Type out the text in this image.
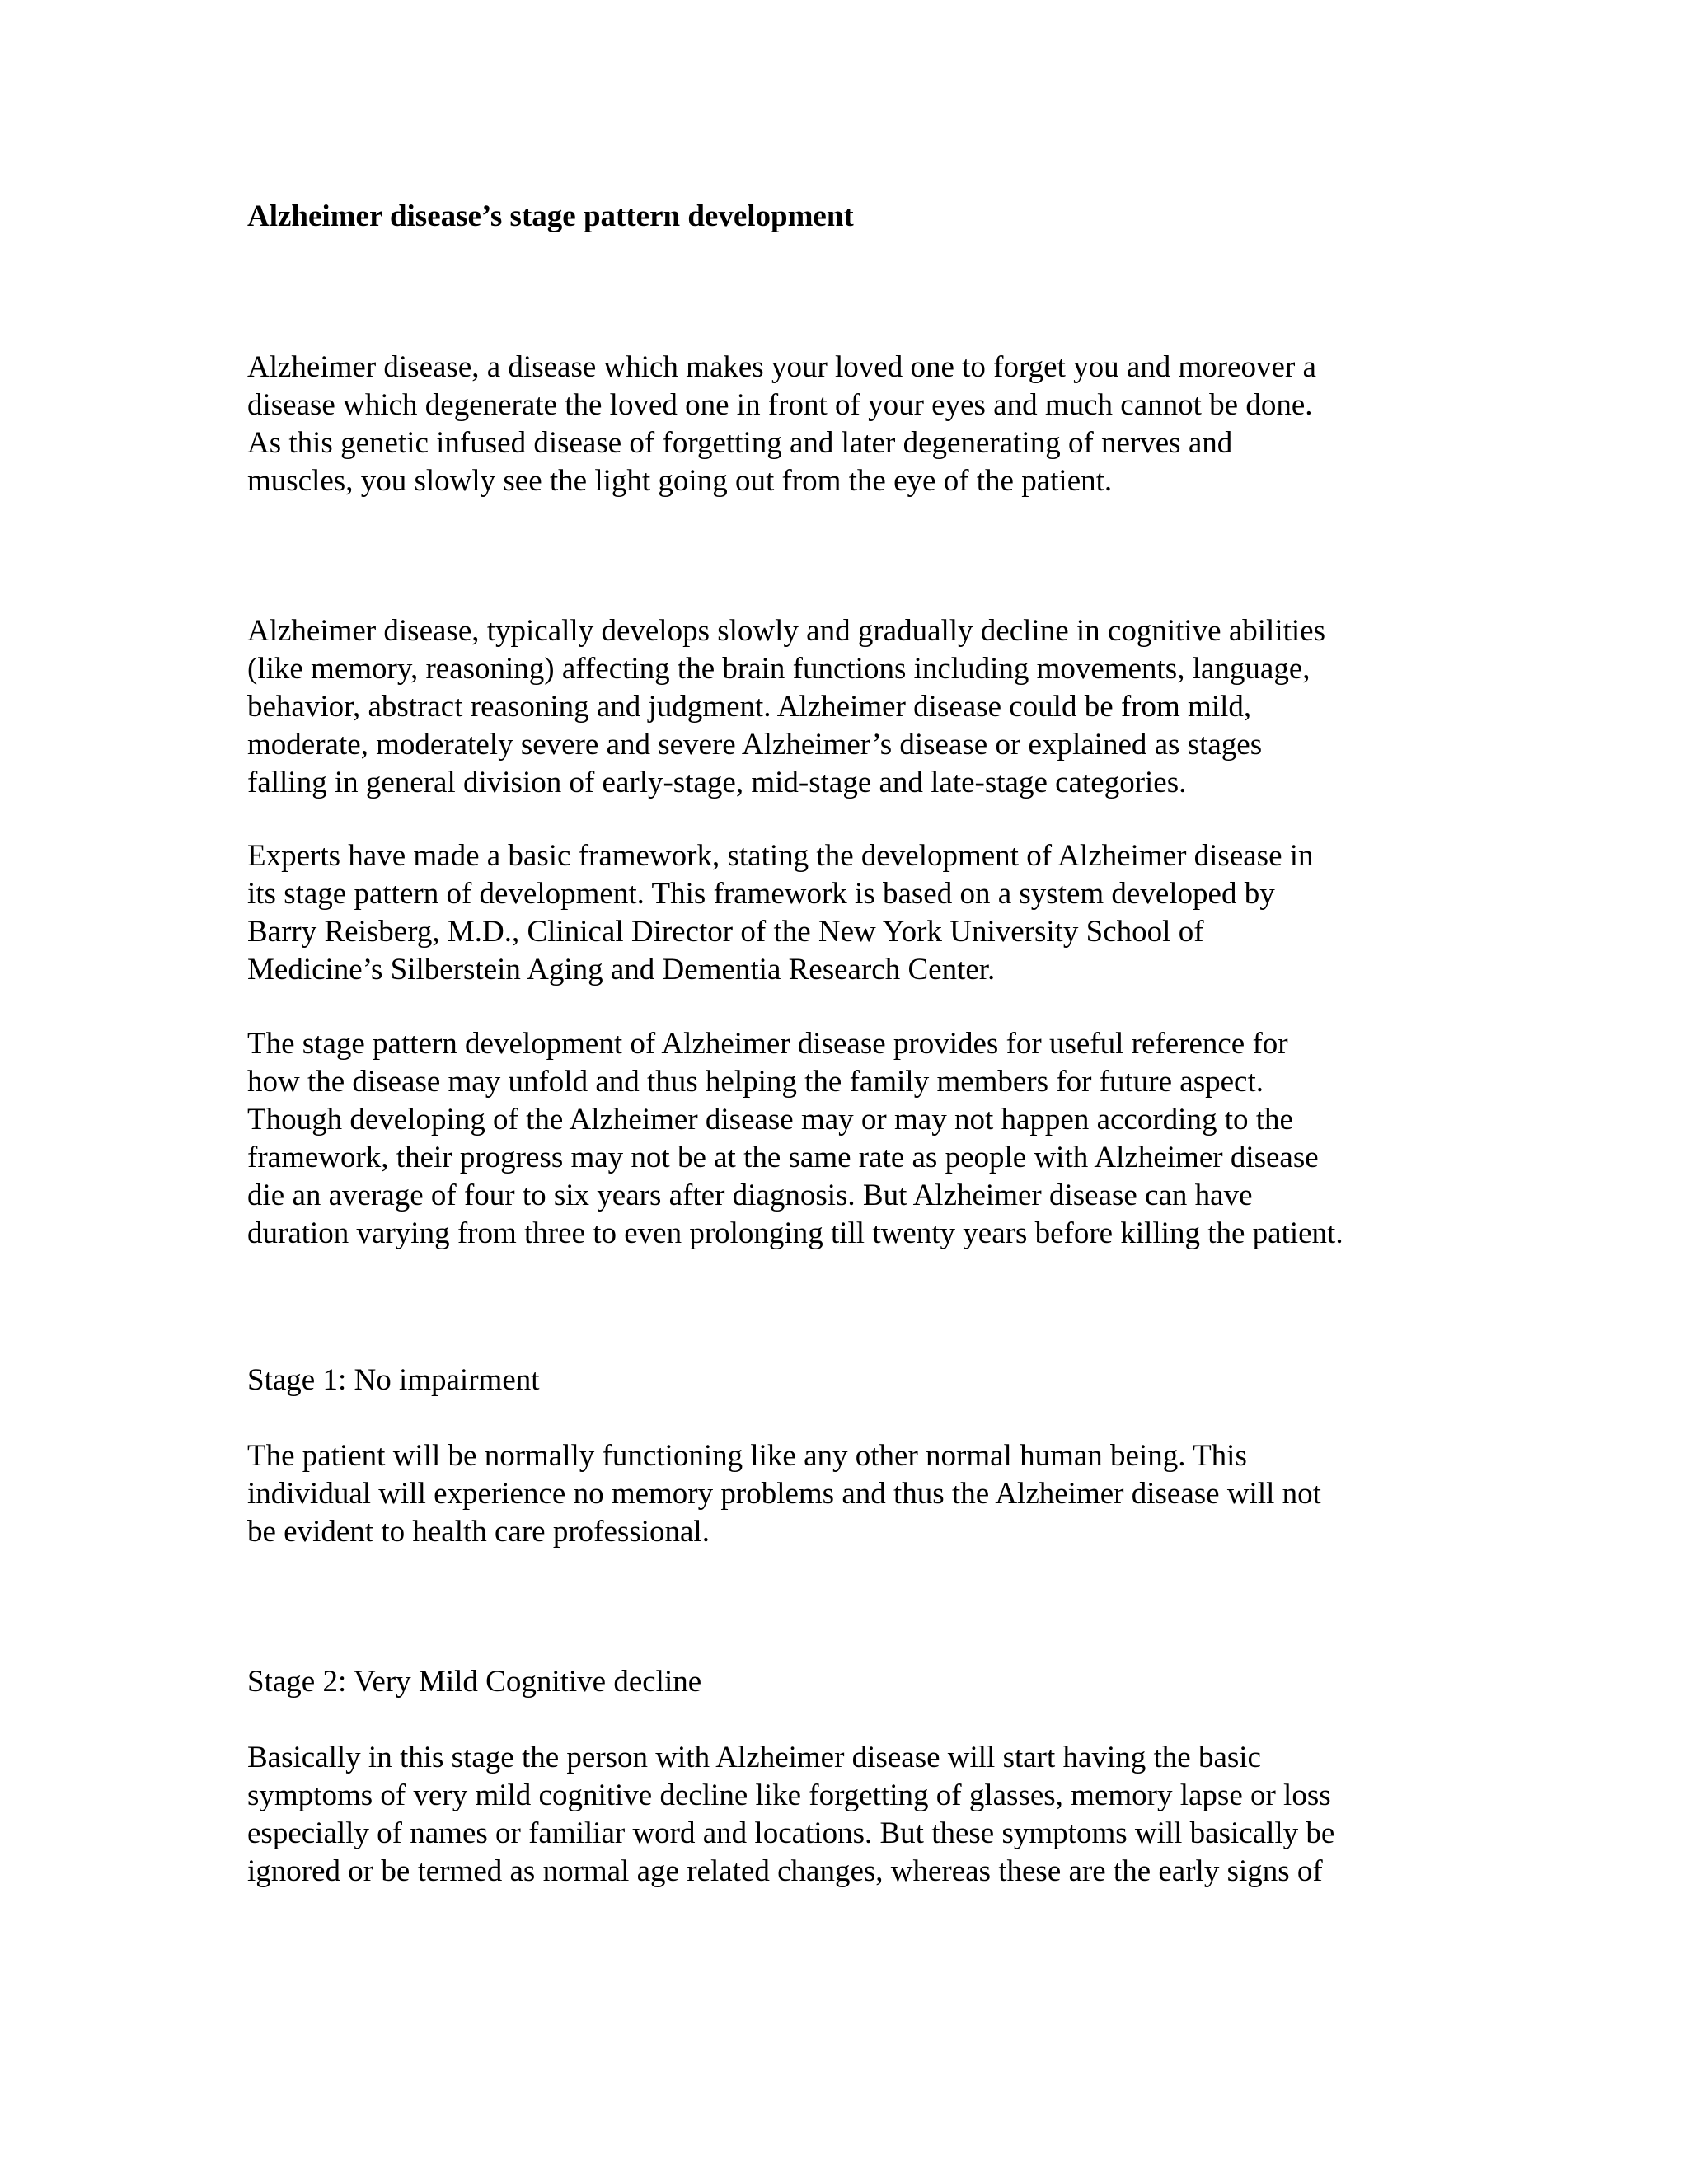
Alzheimer disease’s stage pattern development

Alzheimer disease, a disease which makes your loved one to forget you and moreover a
disease which degenerate the loved one in front of your eyes and much cannot be done.
As this genetic infused disease of forgetting and later degenerating of nerves and
muscles, you slowly see the light going out from the eye of the patient.

Alzheimer disease, typically develops slowly and gradually decline in cognitive abilities
(like memory, reasoning) affecting the brain functions including movements, language,
behavior, abstract reasoning and judgment. Alzheimer disease could be from mild,
moderate, moderately severe and severe Alzheimer’s disease or explained as stages
falling in general division of early-stage, mid-stage and late-stage categories.

Experts have made a basic framework, stating the development of Alzheimer disease in
its stage pattern of development. This framework is based on a system developed by
Barry Reisberg, M.D., Clinical Director of the New York University School of
Medicine’s Silberstein Aging and Dementia Research Center.

The stage pattern development of Alzheimer disease provides for useful reference for
how the disease may unfold and thus helping the family members for future aspect.
Though developing of the Alzheimer disease may or may not happen according to the
framework, their progress may not be at the same rate as people with Alzheimer disease
die an average of four to six years after diagnosis. But Alzheimer disease can have
duration varying from three to even prolonging till twenty years before killing the patient.

Stage 1: No impairment

The patient will be normally functioning like any other normal human being. This
individual will experience no memory problems and thus the Alzheimer disease will not
be evident to health care professional.

Stage 2: Very Mild Cognitive decline

Basically in this stage the person with Alzheimer disease will start having the basic
symptoms of very mild cognitive decline like forgetting of glasses, memory lapse or loss
especially of names or familiar word and locations. But these symptoms will basically be
ignored or be termed as normal age related changes, whereas these are the early signs of
